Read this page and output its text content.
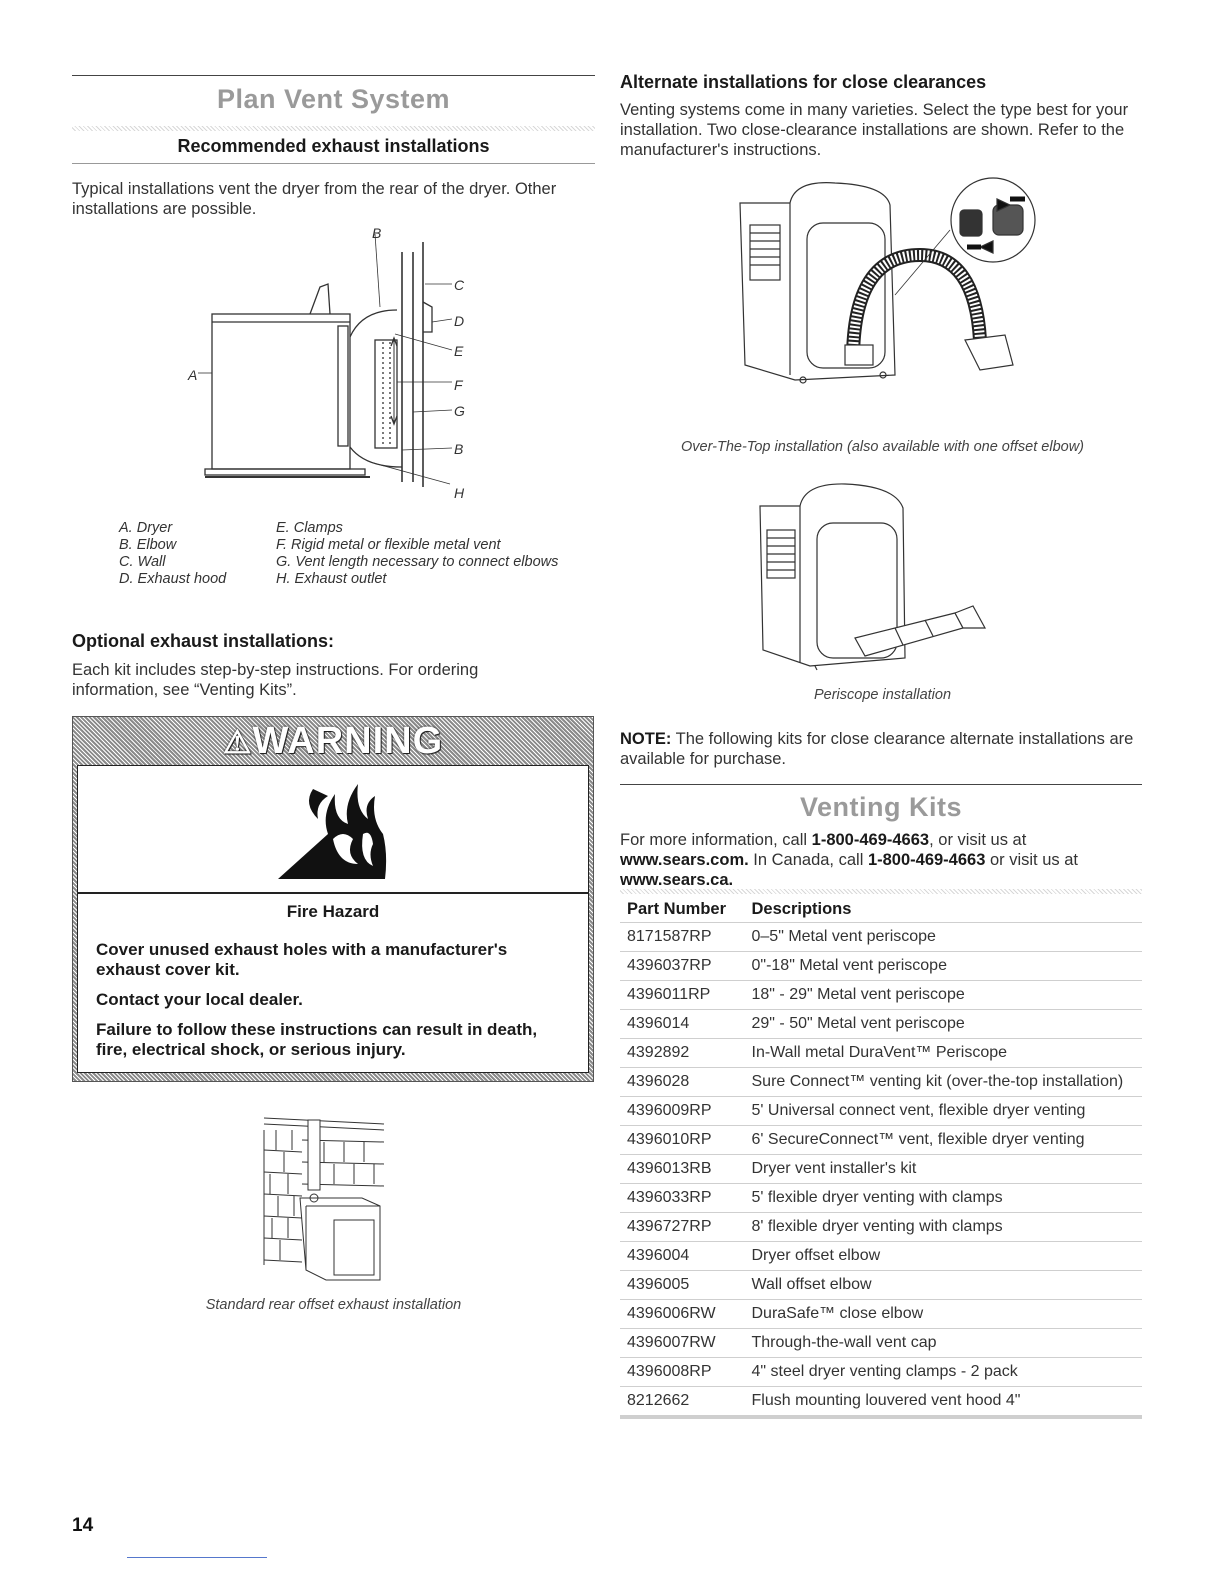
Plan Vent System
Recommended exhaust installations
Typical installations vent the dryer from the rear of the dryer. Other installations are possible.
B
C
D
E
F
G
B
H
A
A. Dryer
B. Elbow
C. Wall
D. Exhaust hood
E. Clamps
F. Rigid metal or flexible metal vent
G. Vent length necessary to connect elbows
H. Exhaust outlet
Optional exhaust installations:
Each kit includes step-by-step instructions. For ordering information, see “Venting Kits”.
⚠WARNING
Fire Hazard
Cover unused exhaust holes with a manufacturer's exhaust cover kit.
Contact your local dealer.
Failure to follow these instructions can result in death, fire, electrical shock, or serious injury.
Standard rear offset exhaust installation
Alternate installations for close clearances
Venting systems come in many varieties. Select the type best for your installation. Two close-clearance installations are shown. Refer to the manufacturer's instructions.
Over-The-Top installation (also available with one offset elbow)
Periscope installation
NOTE: The following kits for close clearance alternate installations are available for purchase.
Venting Kits
For more information, call 1-800-469-4663, or visit us at www.sears.com. In Canada, call 1-800-469-4663 or visit us at www.sears.ca.
Part Number	Descriptions
8171587RP	0–5" Metal vent periscope
4396037RP	0"-18" Metal vent periscope
4396011RP	18" - 29" Metal vent periscope
4396014	29" - 50" Metal vent periscope
4392892	In-Wall metal DuraVent™ Periscope
4396028	Sure Connect™ venting kit (over-the-top installation)
4396009RP	5' Universal connect vent, flexible dryer venting
4396010RP	6' SecureConnect™ vent, flexible dryer venting
4396013RB	Dryer vent installer's kit
4396033RP	5' flexible dryer venting with clamps
4396727RP	8' flexible dryer venting with clamps
4396004	Dryer offset elbow
4396005	Wall offset elbow
4396006RW	DuraSafe™ close elbow
4396007RW	Through-the-wall vent cap
4396008RP	4" steel dryer venting clamps - 2 pack
8212662	Flush mounting louvered vent hood 4"
14
